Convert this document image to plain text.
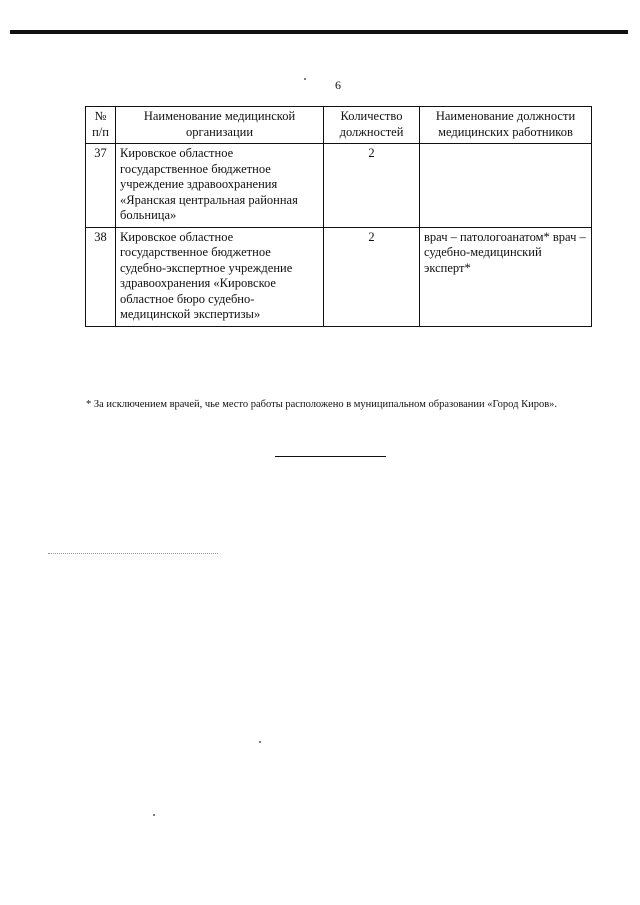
6
№ п/п	Наименование медицинской организации	Количество должностей	Наименование должности медицинских работников
37	Кировское областное государственное бюджетное учреждение здравоохранения «Яранская центральная районная больница»	2	
38	Кировское областное государственное бюджетное судебно-экспертное учреждение здравоохранения «Кировское областное бюро судебно-медицинской экспертизы»	2	врач – патологоанатом* врач – судебно-медицинский эксперт*
* За исключением врачей, чье место работы расположено в муниципальном образовании «Город Киров».
